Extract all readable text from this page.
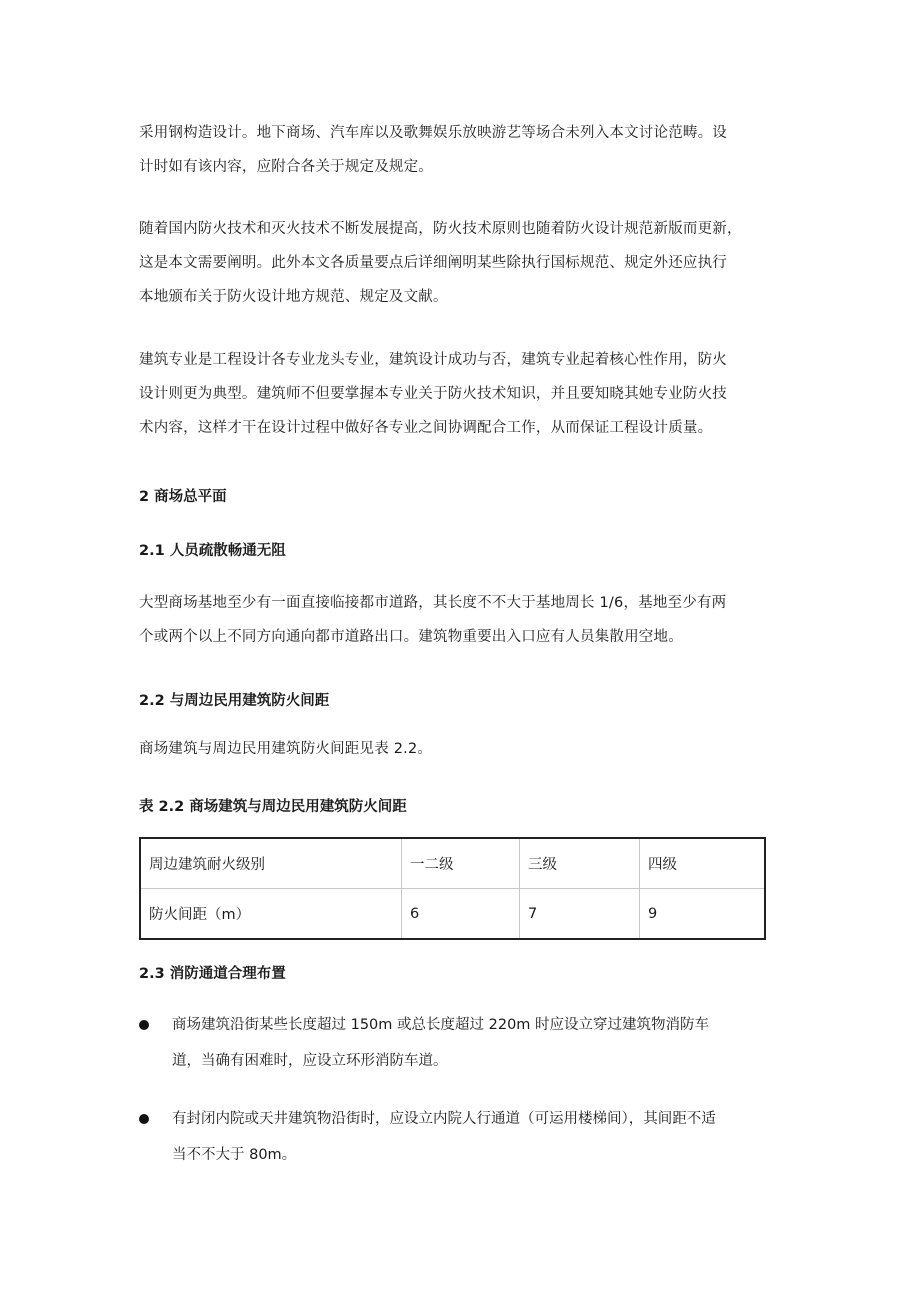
采用钢构造设计。地下商场、汽车库以及歌舞娱乐放映游艺等场合未列入本文讨论范畴。设
计时如有该内容，应附合各关于规定及规定。

随着国内防火技术和灭火技术不断发展提高，防火技术原则也随着防火设计规范新版而更新，
这是本文需要阐明。此外本文各质量要点后详细阐明某些除执行国标规范、规定外还应执行
本地颁布关于防火设计地方规范、规定及文献。

建筑专业是工程设计各专业龙头专业，建筑设计成功与否，建筑专业起着核心性作用，防火
设计则更为典型。建筑师不但要掌握本专业关于防火技术知识，并且要知晓其她专业防火技
术内容，这样才干在设计过程中做好各专业之间协调配合工作，从而保证工程设计质量。

2 商场总平面

2.1 人员疏散畅通无阻

大型商场基地至少有一面直接临接都市道路，其长度不不大于基地周长 1/6，基地至少有两
个或两个以上不同方向通向都市道路出口。建筑物重要出入口应有人员集散用空地。

2.2 与周边民用建筑防火间距

商场建筑与周边民用建筑防火间距见表 2.2。

表 2.2 商场建筑与周边民用建筑防火间距

周边建筑耐火级别	一二级	三级	四级
防火间距（m）	6	7	9

2.3 消防通道合理布置

商场建筑沿街某些长度超过 150m 或总长度超过 220m 时应设立穿过建筑物消防车
道，当确有困难时，应设立环形消防车道。
有封闭内院或天井建筑物沿街时，应设立内院人行通道（可运用楼梯间），其间距不适
当不不大于 80m。
